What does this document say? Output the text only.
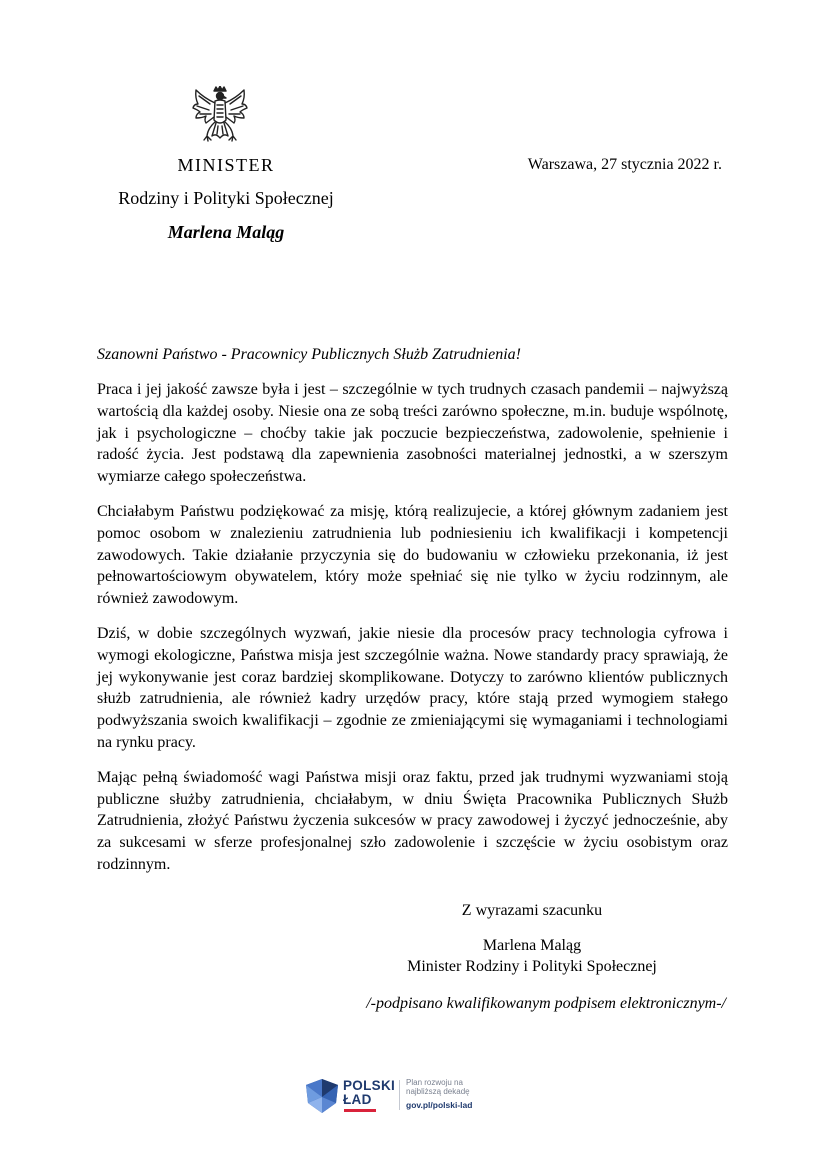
MINISTER
Rodziny i Polityki Społecznej
Marlena Maląg
Warszawa, 27 stycznia 2022 r.
Szanowni Państwo - Pracownicy Publicznych Służb Zatrudnienia!

Praca i jej jakość zawsze była i jest – szczególnie w tych trudnych czasach pandemii – najwyższą wartością dla każdej osoby. Niesie ona ze sobą treści zarówno społeczne, m.in. buduje wspólnotę, jak i psychologiczne – choćby takie jak poczucie bezpieczeństwa, zadowolenie, spełnienie i radość życia. Jest podstawą dla zapewnienia zasobności materialnej jednostki, a w szerszym wymiarze całego społeczeństwa.

Chciałabym Państwu podziękować za misję, którą realizujecie, a której głównym zadaniem jest pomoc osobom w znalezieniu zatrudnienia lub podniesieniu ich kwalifikacji i kompetencji zawodowych. Takie działanie przyczynia się do budowaniu w człowieku przekonania, iż jest pełnowartościowym obywatelem, który może spełniać się nie tylko w życiu rodzinnym, ale również zawodowym.

Dziś, w dobie szczególnych wyzwań, jakie niesie dla procesów pracy technologia cyfrowa i wymogi ekologiczne, Państwa misja jest szczególnie ważna. Nowe standardy pracy sprawiają, że jej wykonywanie jest coraz bardziej skomplikowane. Dotyczy to zarówno klientów publicznych służb zatrudnienia, ale również kadry urzędów pracy, które stają przed wymogiem stałego podwyższania swoich kwalifikacji – zgodnie ze zmieniającymi się wymaganiami i technologiami na rynku pracy.

Mając pełną świadomość wagi Państwa misji oraz faktu, przed jak trudnymi wyzwaniami stoją publiczne służby zatrudnienia, chciałabym, w dniu Święta Pracownika Publicznych Służb Zatrudnienia, złożyć Państwu życzenia sukcesów w pracy zawodowej i życzyć jednocześnie, aby za sukcesami w sferze profesjonalnej szło zadowolenie i szczęście w życiu osobistym oraz rodzinnym.

Z wyrazami szacunku
Marlena Maląg
Minister Rodziny i Polityki Społecznej
/-podpisano kwalifikowanym podpisem elektronicznym-/
POLSKI
ŁAD
Plan rozwoju na
najbliższą dekadę
gov.pl/polski-lad
